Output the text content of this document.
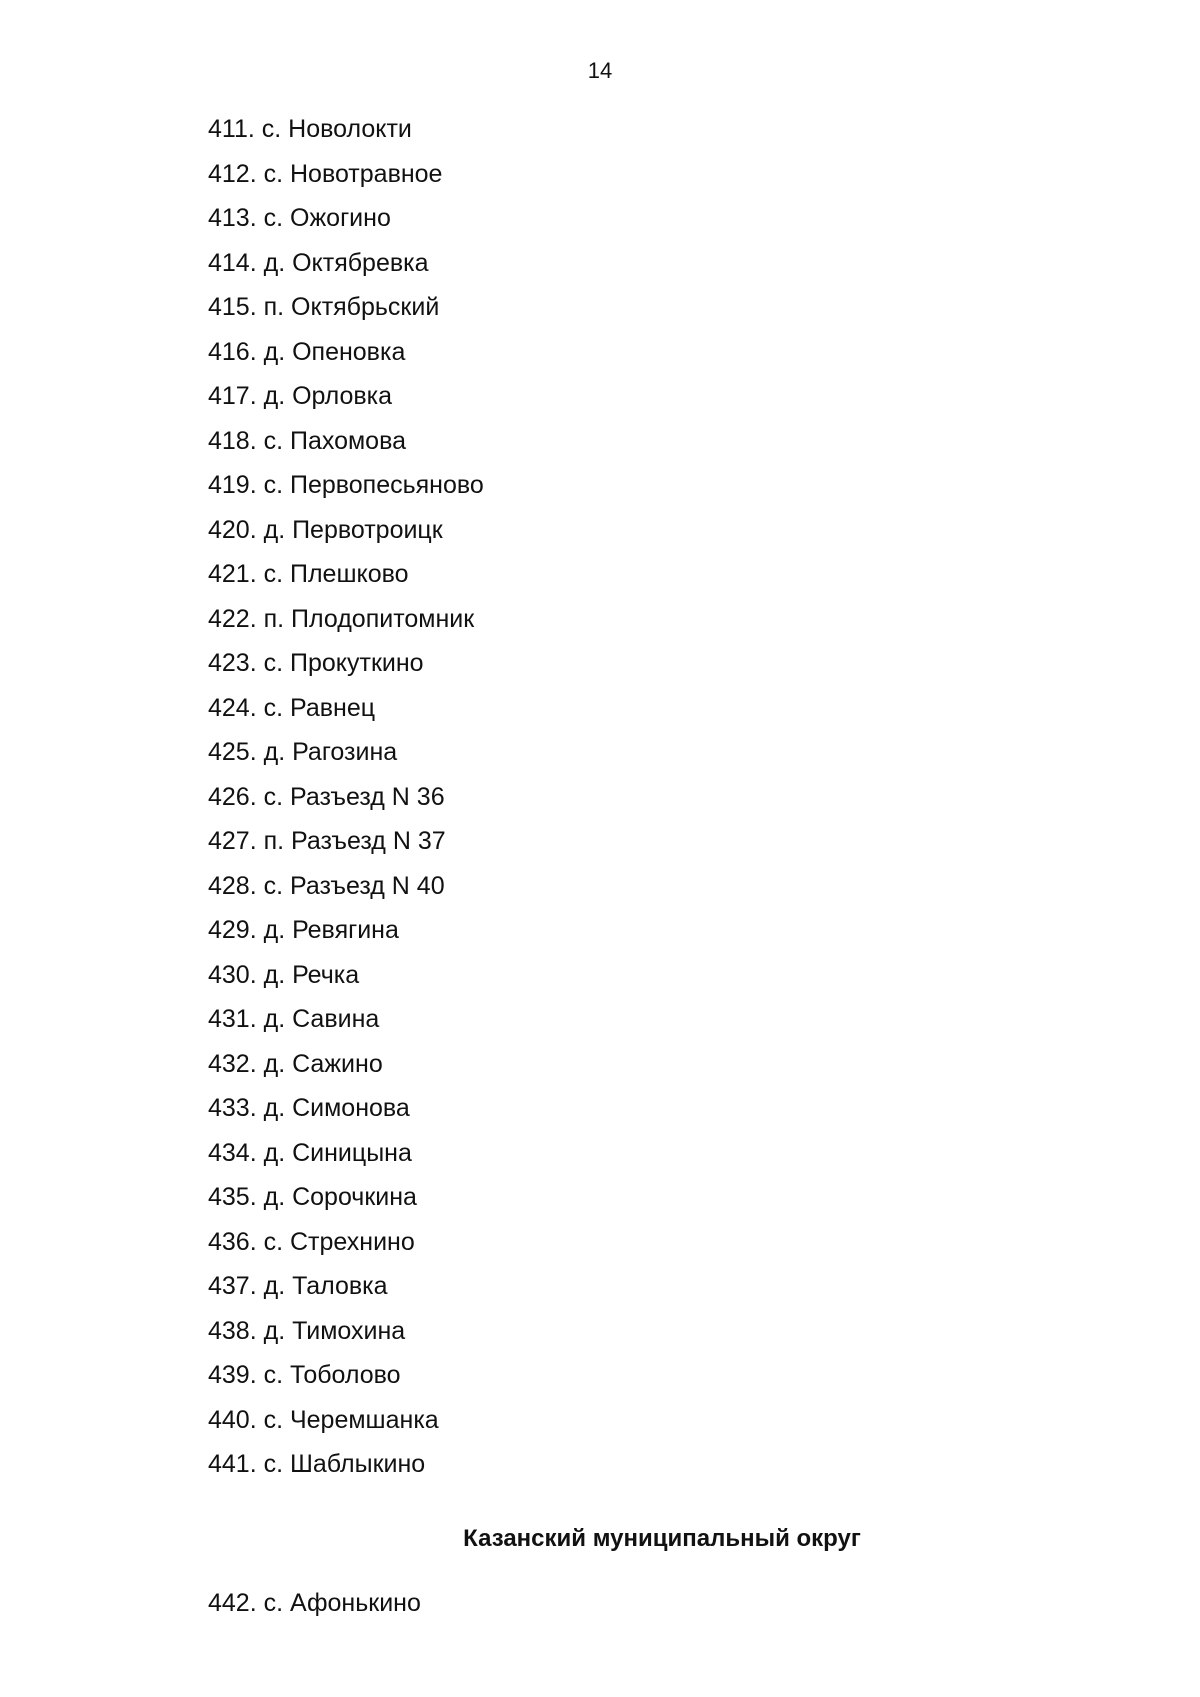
14
411. с. Новолокти
412. с. Новотравное
413. с. Ожогино
414. д. Октябревка
415. п. Октябрьский
416. д. Опеновка
417. д. Орловка
418. с. Пахомова
419. с. Первопесьяново
420. д. Первотроицк
421. с. Плешково
422. п. Плодопитомник
423. с. Прокуткино
424. с. Равнец
425. д. Рагозина
426. с. Разъезд N 36
427. п. Разъезд N 37
428. с. Разъезд N 40
429. д. Ревягина
430. д. Речка
431. д. Савина
432. д. Сажино
433. д. Симонова
434. д. Синицына
435. д. Сорочкина
436. с. Стрехнино
437. д. Таловка
438. д. Тимохина
439. с. Тоболово
440. с. Черемшанка
441. с. Шаблыкино
Казанский муниципальный округ
442. с. Афонькино
